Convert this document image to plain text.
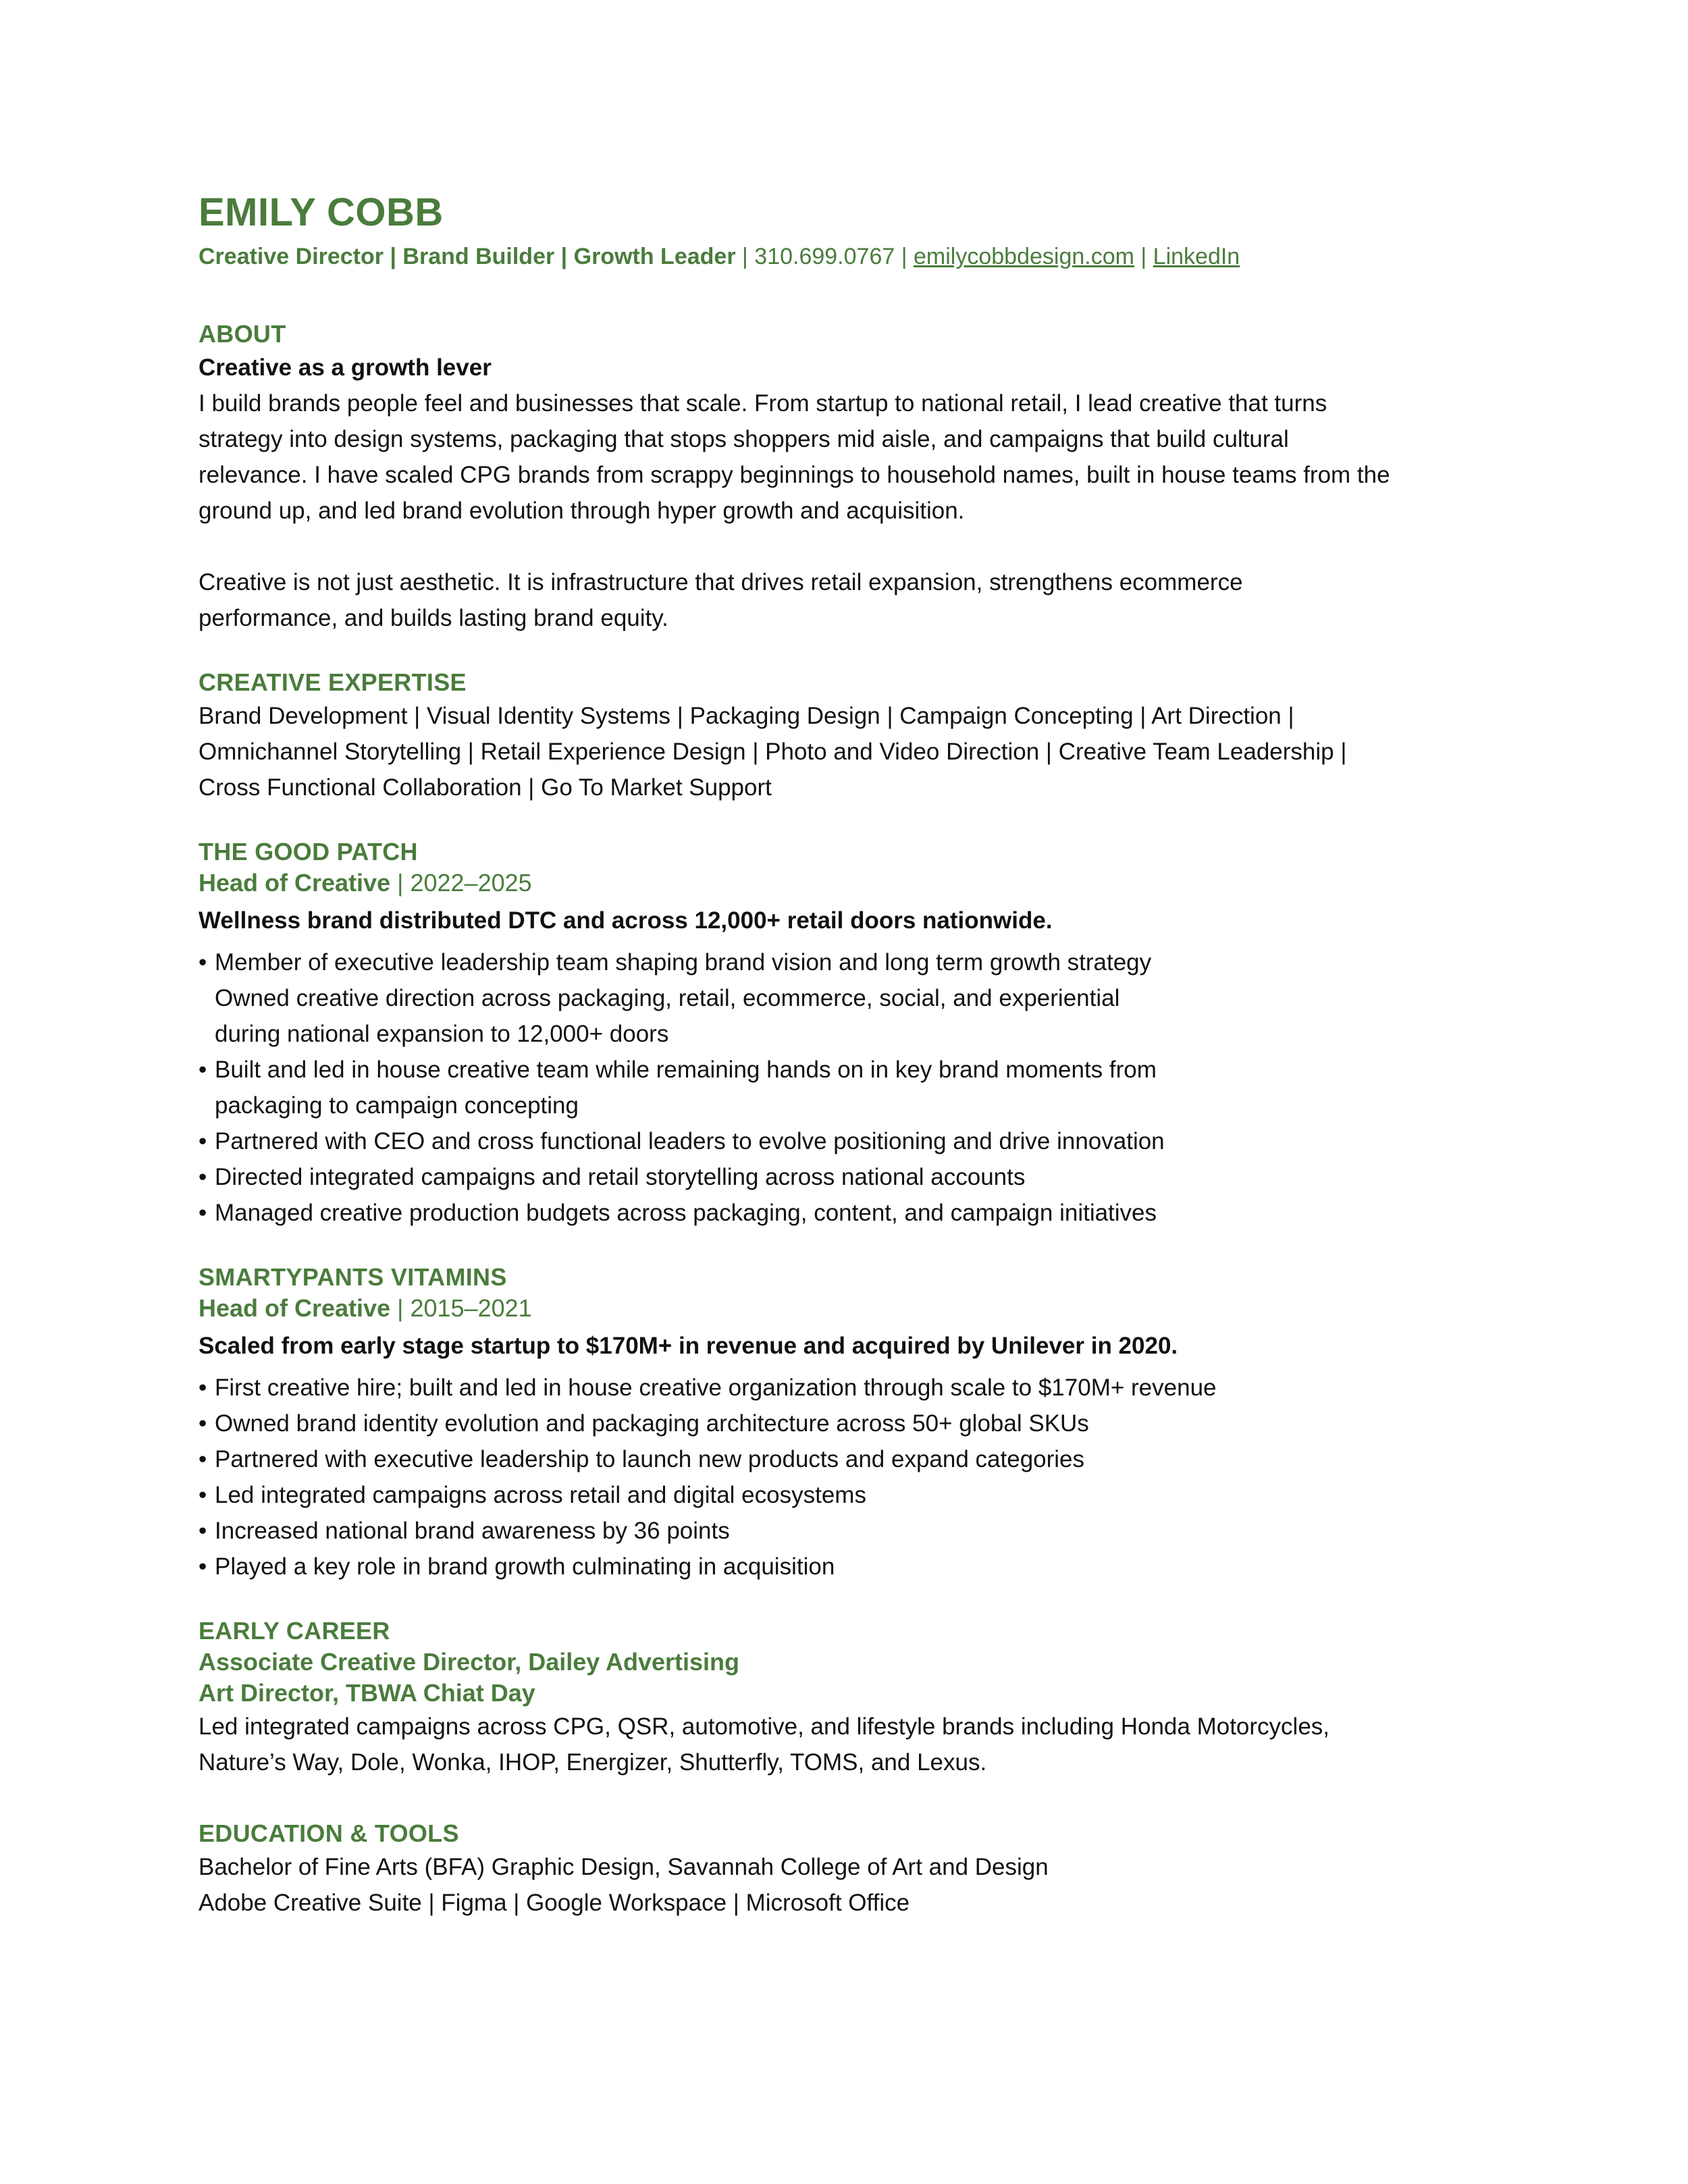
EMILY COBB
Creative Director | Brand Builder | Growth Leader | 310.699.0767 | emilycobbdesign.com | LinkedIn
ABOUT
Creative as a growth lever
I build brands people feel and businesses that scale. From startup to national retail, I lead creative that turns
strategy into design systems, packaging that stops shoppers mid aisle, and campaigns that build cultural
relevance. I have scaled CPG brands from scrappy beginnings to household names, built in house teams from the
ground up, and led brand evolution through hyper growth and acquisition.
Creative is not just aesthetic. It is infrastructure that drives retail expansion, strengthens ecommerce
performance, and builds lasting brand equity.
CREATIVE EXPERTISE
Brand Development | Visual Identity Systems | Packaging Design | Campaign Concepting | Art Direction |
Omnichannel Storytelling | Retail Experience Design | Photo and Video Direction | Creative Team Leadership |
Cross Functional Collaboration | Go To Market Support
THE GOOD PATCH
Head of Creative | 2022–2025
Wellness brand distributed DTC and across 12,000+ retail doors nationwide.
• Member of executive leadership team shaping brand vision and long term growth strategy
Owned creative direction across packaging, retail, ecommerce, social, and experiential
during national expansion to 12,000+ doors
• Built and led in house creative team while remaining hands on in key brand moments from
packaging to campaign concepting
• Partnered with CEO and cross functional leaders to evolve positioning and drive innovation
• Directed integrated campaigns and retail storytelling across national accounts
• Managed creative production budgets across packaging, content, and campaign initiatives
SMARTYPANTS VITAMINS
Head of Creative | 2015–2021
Scaled from early stage startup to $170M+ in revenue and acquired by Unilever in 2020.
• First creative hire; built and led in house creative organization through scale to $170M+ revenue
• Owned brand identity evolution and packaging architecture across 50+ global SKUs
• Partnered with executive leadership to launch new products and expand categories
• Led integrated campaigns across retail and digital ecosystems
• Increased national brand awareness by 36 points
• Played a key role in brand growth culminating in acquisition
EARLY CAREER
Associate Creative Director, Dailey Advertising
Art Director, TBWA Chiat Day
Led integrated campaigns across CPG, QSR, automotive, and lifestyle brands including Honda Motorcycles,
Nature’s Way, Dole, Wonka, IHOP, Energizer, Shutterfly, TOMS, and Lexus.
EDUCATION & TOOLS
Bachelor of Fine Arts (BFA) Graphic Design, Savannah College of Art and Design
Adobe Creative Suite | Figma | Google Workspace | Microsoft Office
